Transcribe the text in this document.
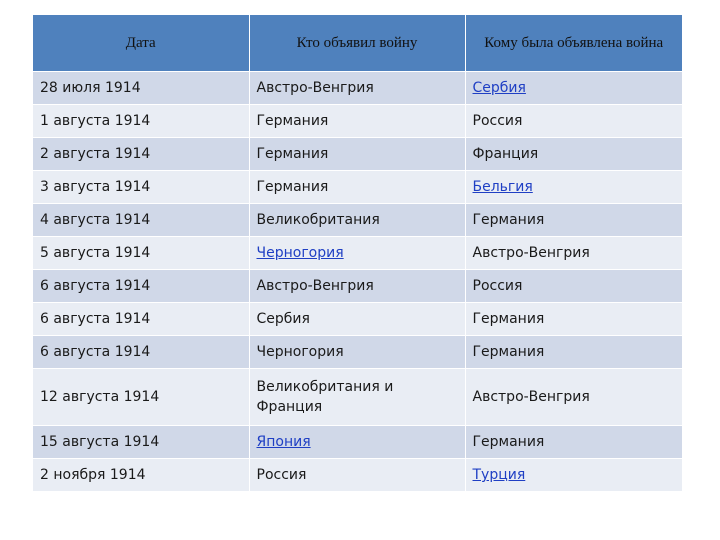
Дата	Кто объявил войну	Кому была объявлена война
28 июля 1914	Австро-Венгрия	Сербия
1 августа 1914	Германия	Россия
2 августа 1914	Германия	Франция
3 августа 1914	Германия	Бельгия
4 августа 1914	Великобритания	Германия
5 августа 1914	Черногория	Австро-Венгрия
6 августа 1914	Австро-Венгрия	Россия
6 августа 1914	Сербия	Германия
6 августа 1914	Черногория	Германия
12 августа 1914	Великобритания и Франция	Австро-Венгрия
15 августа 1914	Япония	Германия
2 ноября 1914	Россия	Турция
